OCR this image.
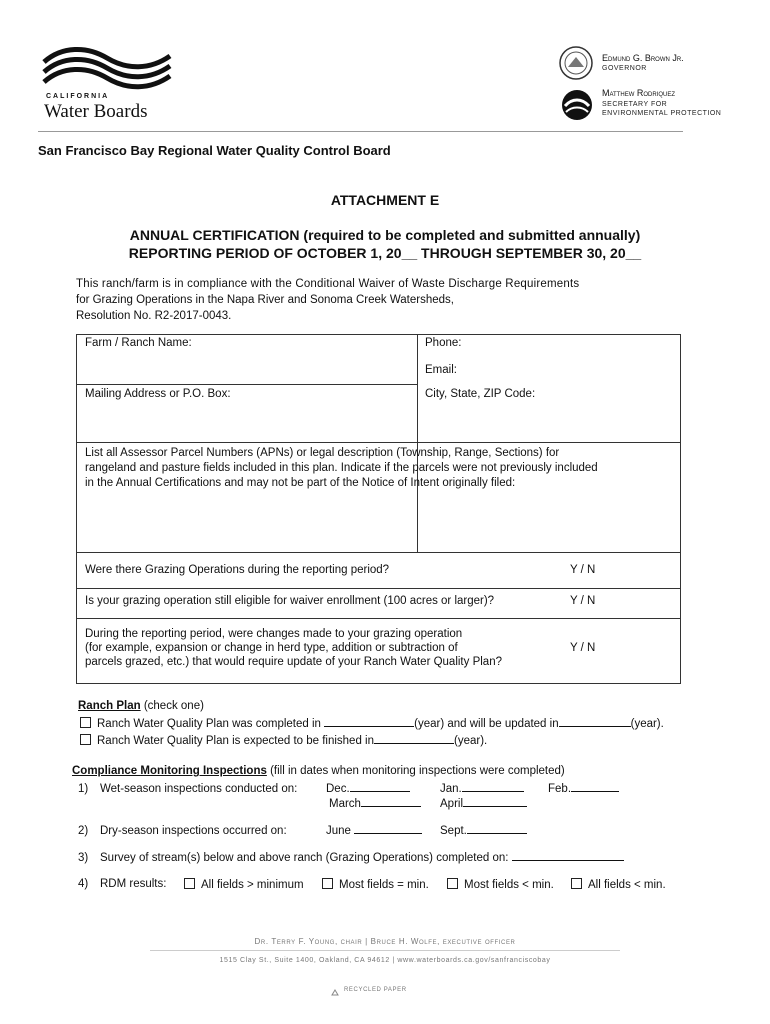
CALIFORNIA
Water Boards
Edmund G. Brown Jr.
GOVERNOR
Matthew Rodriquez
SECRETARY FOR
ENVIRONMENTAL PROTECTION
San Francisco Bay Regional Water Quality Control Board
ATTACHMENT E
ANNUAL CERTIFICATION (required to be completed and submitted annually)
REPORTING PERIOD OF OCTOBER 1, 20__ THROUGH SEPTEMBER 30, 20__
This ranch/farm is in compliance with the Conditional Waiver of Waste Discharge Requirements
for Grazing Operations in the Napa River and Sonoma Creek Watersheds,
Resolution No. R2-2017-0043.
Farm / Ranch Name:	Phone:
Email:
Mailing Address or P.O. Box:	City, State, ZIP Code:
List all Assessor Parcel Numbers (APNs) or legal description (Township, Range, Sections) for
rangeland and pasture fields included in this plan. Indicate if the parcels were not previously included
in the Annual Certifications and may not be part of the Notice of Intent originally filed:
Were there Grazing Operations during the reporting period?	Y / N
Is your grazing operation still eligible for waiver enrollment (100 acres or larger)?	Y / N
During the reporting period, were changes made to your grazing operation
(for example, expansion or change in herd type, addition or subtraction of
parcels grazed, etc.) that would require update of your Ranch Water Quality Plan?
Y / N
Ranch Plan (check one)
Ranch Water Quality Plan was completed in	(year) and will be updated in	(year).
Ranch Water Quality Plan is expected to be finished in	(year).
Compliance Monitoring Inspections (fill in dates when monitoring inspections were completed)
1) Wet-season inspections conducted on: Dec.	Jan.	Feb.
March	April
2) Dry-season inspections occurred on:	June	Sept.
3) Survey of stream(s) below and above ranch (Grazing Operations) completed on:
4) RDM results:	All fields > minimum	Most fields = min.	Most fields < min.	All fields < min.
Dr. Terry F. Young, chair | Bruce H. Wolfe, executive officer
1515 Clay St., Suite 1400, Oakland, CA 94612 | www.waterboards.ca.gov/sanfranciscobay
RECYCLED PAPER
